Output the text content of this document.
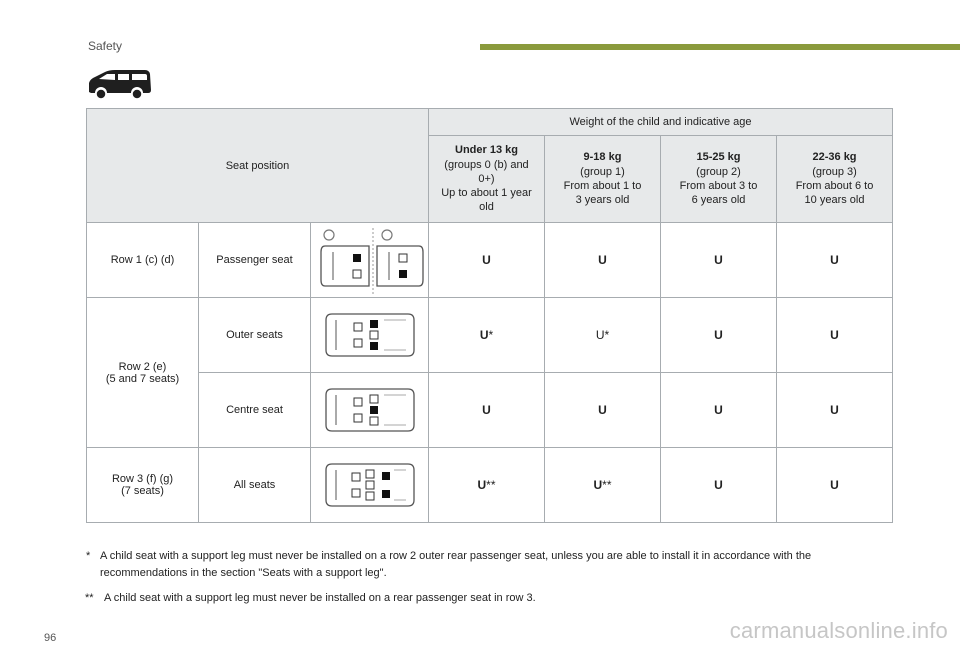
Safety
Seat position			Weight of the child and indicative age			

			Under 13 kg
(groups 0 (b) and
0+)
Up to about 1 year
old	9-18 kg
(group 1)
From about 1 to
3 years old	15-25 kg
(group 2)
From about 3 to
6 years old	22-36 kg
(group 3)
From about 6 to
10 years old
Row 1 (c) (d)	Passenger seat		U	U	U	U
Row 2 (e)
(5 and 7 seats)	Outer seats		U*	U*	U	U
	Centre seat		U	U	U	U
Row 3 (f) (g)
(7 seats)	All seats		U**	U**	U	U
* A child seat with a support leg must never be installed on a row 2 outer rear passenger seat, unless you are able to install it in accordance with the recommendations in the section "Seats with a support leg".
** A child seat with a support leg must never be installed on a rear passenger seat in row 3.
96	carmanualsonline.info
